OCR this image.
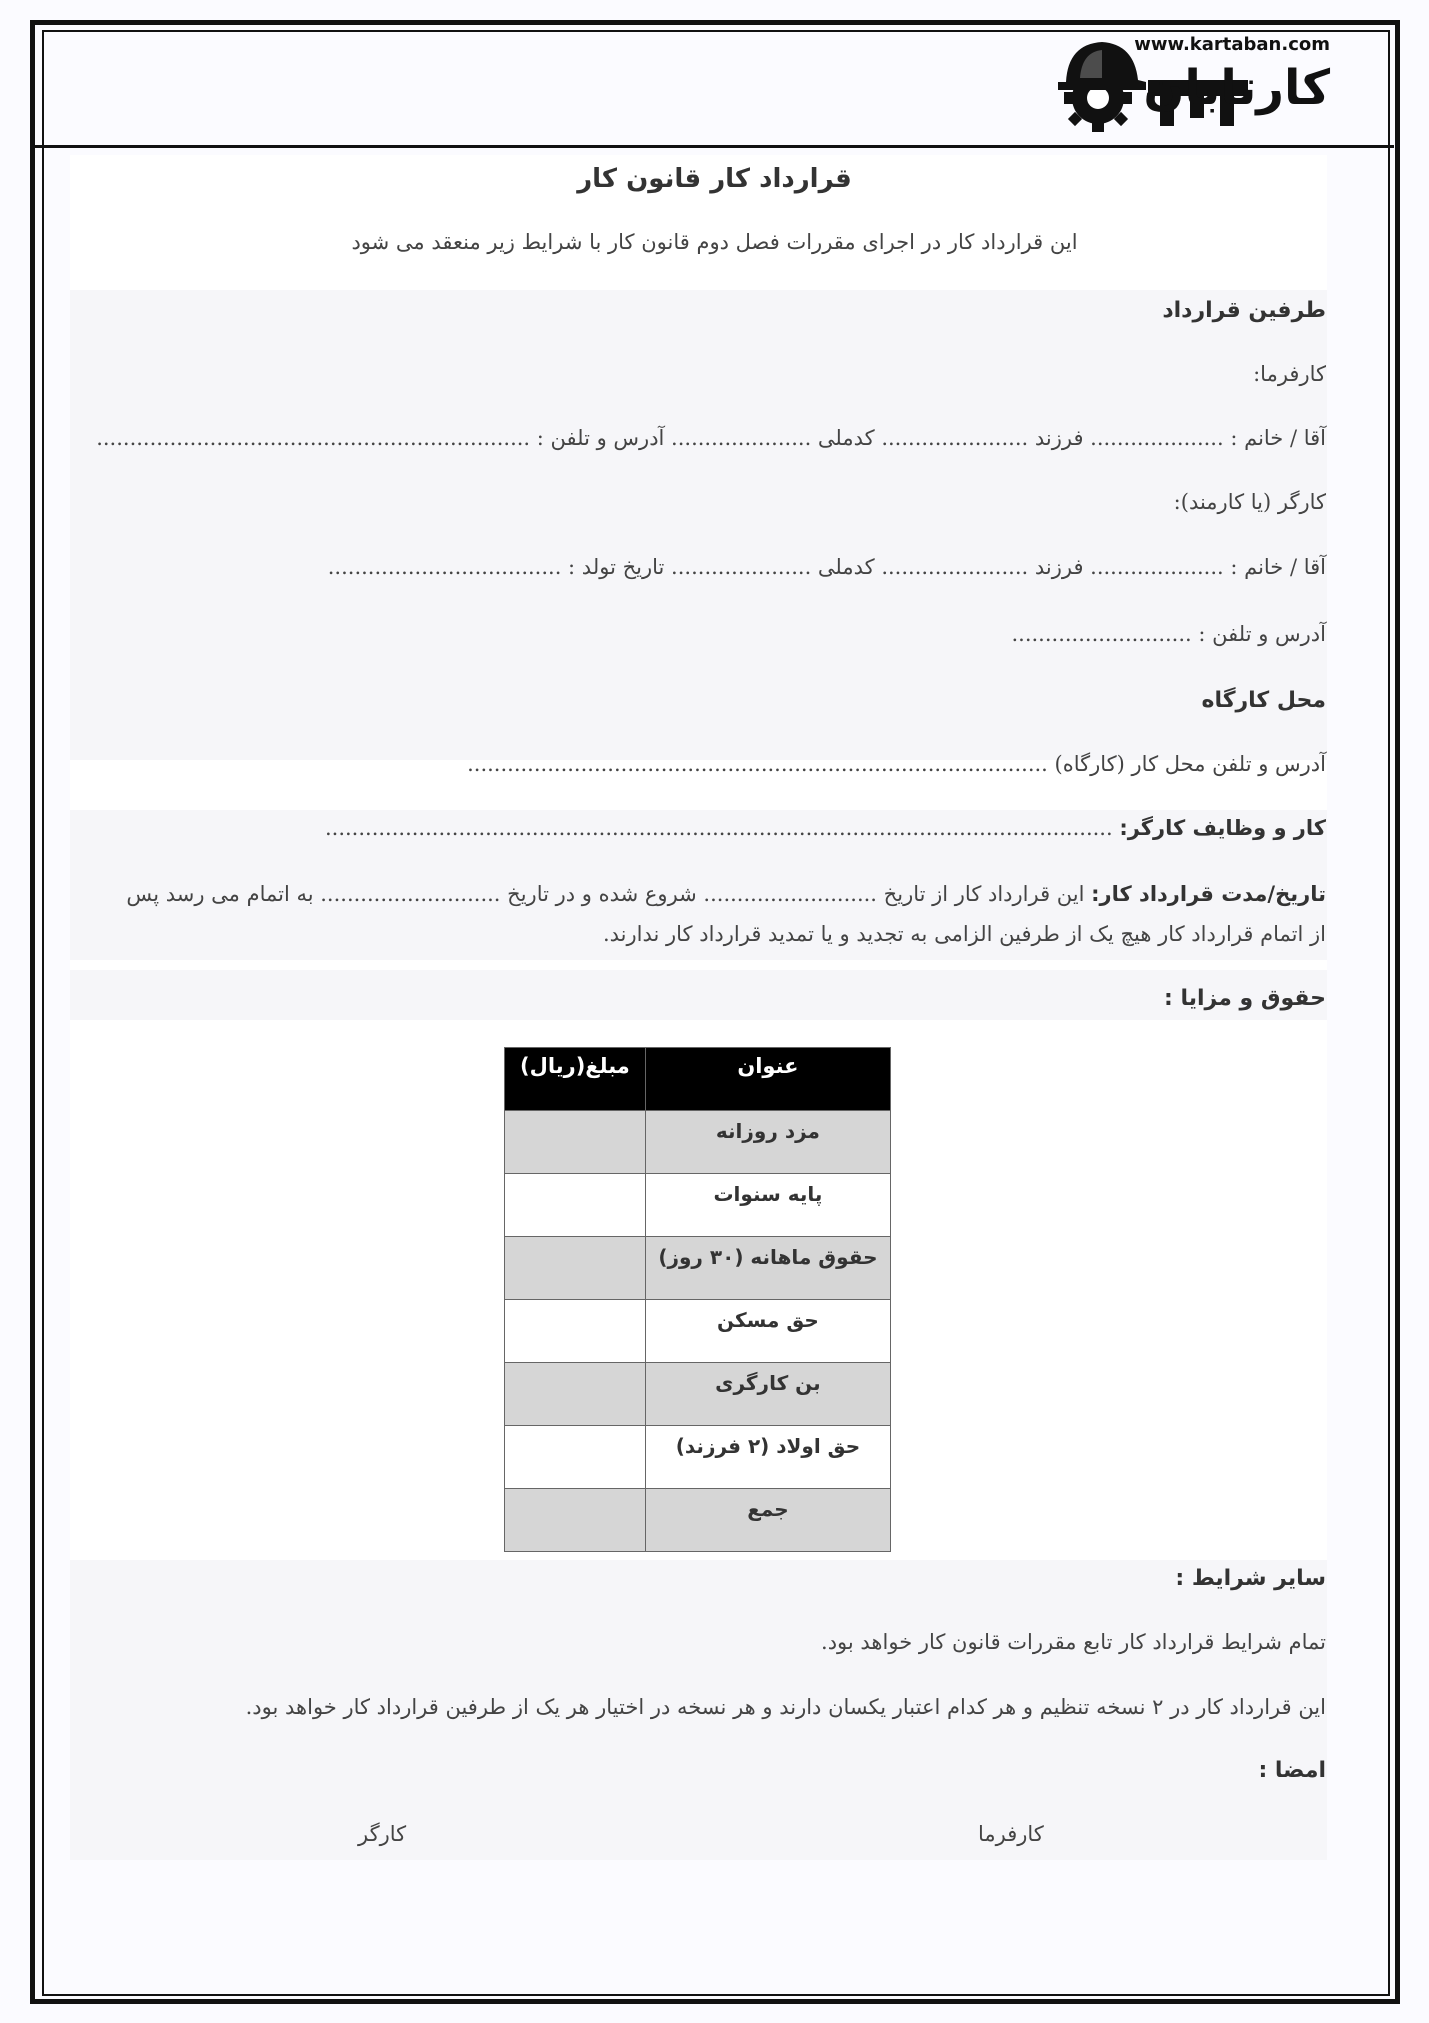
www.kartaban.com
کارتابان
قرارداد کار قانون کار
این قرارداد کار در اجرای مقررات فصل دوم قانون کار با شرایط زیر منعقد می شود
طرفین قرارداد
کارفرما:
آقا / خانم : .................... فرزند ...................... کدملی ..................... آدرس و تلفن : .................................................................
کارگر (یا کارمند):
آقا / خانم : .................... فرزند ...................... کدملی ..................... تاریخ تولد : ...................................
آدرس و تلفن : ...........................
محل کارگاه
آدرس و تلفن محل کار (کارگاه) .......................................................................................
کار و وظایف کارگر: ......................................................................................................................
تاریخ/مدت قرارداد کار: این قرارداد کار از تاریخ .......................... شروع شده و در تاریخ ........................... به اتمام می رسد پس
از اتمام قرارداد کار هیچ یک از طرفین الزامی به تجدید و یا تمدید قرارداد کار ندارند.
حقوق و مزایا :
عنوان	مبلغ(ریال)
مزد روزانه	
پایه سنوات	
حقوق ماهانه (۳۰ روز)	
حق مسکن	
بن کارگری	
حق اولاد (۲ فرزند)	
جمع	
سایر شرایط :
تمام شرایط قرارداد کار تابع مقررات قانون کار خواهد بود.
این قرارداد کار در ۲ نسخه تنظیم و هر کدام اعتبار یکسان دارند و هر نسخه در اختیار هر یک از طرفین قرارداد کار خواهد بود.
امضا :
کارفرما
کارگر
